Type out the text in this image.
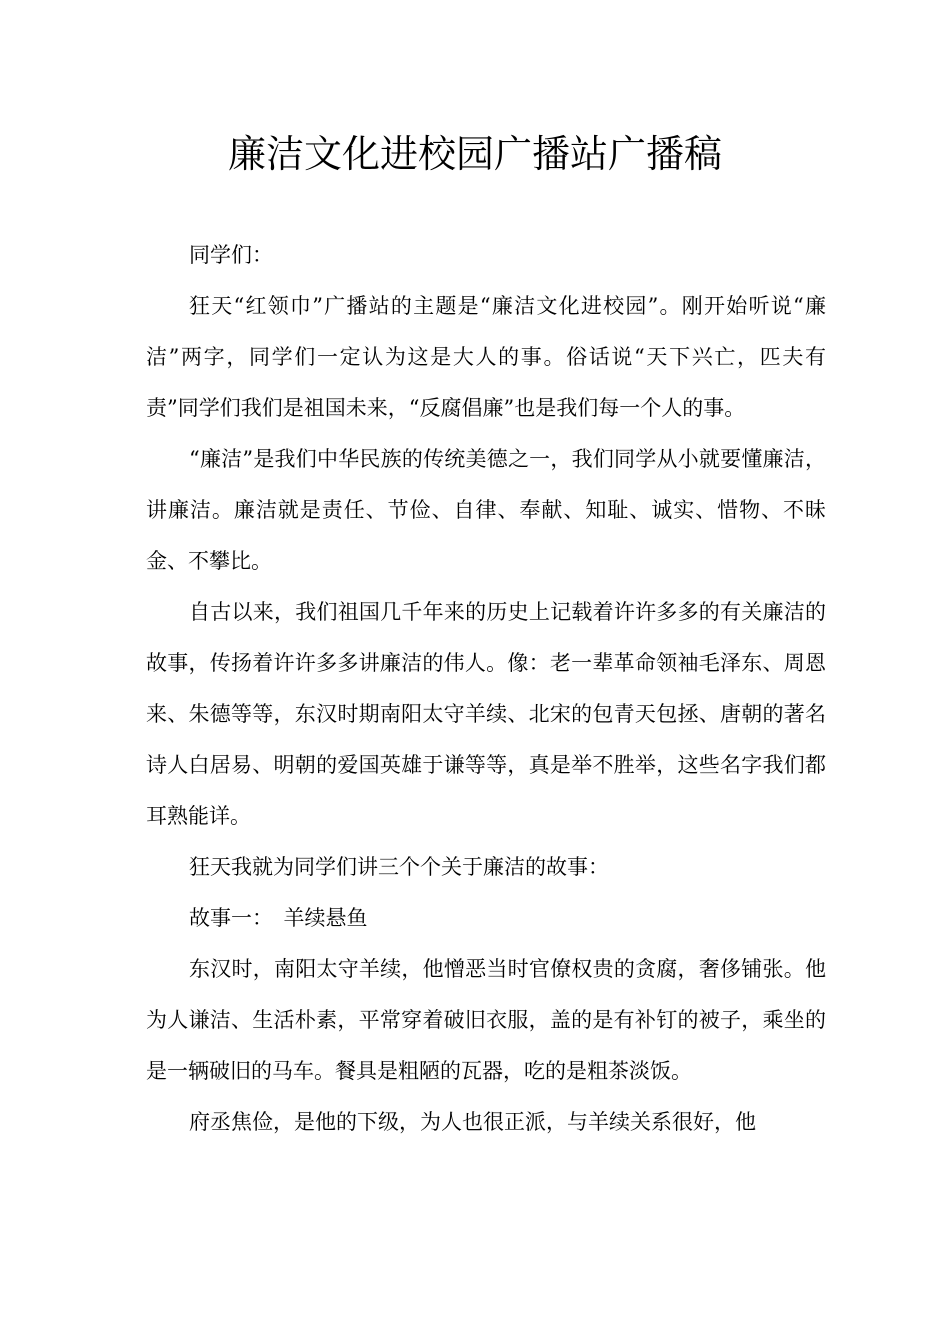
廉洁文化进校园广播站广播稿

同学们：

狂天“红领巾”广播站的主题是“廉洁文化进校园”。刚开始听说“廉洁”两字，同学们一定认为这是大人的事。俗话说“天下兴亡，匹夫有责”同学们我们是祖国未来，“反腐倡廉”也是我们每一个人的事。

“廉洁”是我们中华民族的传统美德之一，我们同学从小就要懂廉洁，讲廉洁。廉洁就是责任、节俭、自律、奉献、知耻、诚实、惜物、不昧金、不攀比。

自古以来，我们祖国几千年来的历史上记载着许许多多的有关廉洁的故事，传扬着许许多多讲廉洁的伟人。像：老一辈革命领袖毛泽东、周恩来、朱德等等，东汉时期南阳太守羊续、北宋的包青天包拯、唐朝的著名诗人白居易、明朝的爱国英雄于谦等等，真是举不胜举，这些名字我们都耳熟能详。

狂天我就为同学们讲三个个关于廉洁的故事：

故事一：　羊续悬鱼

东汉时，南阳太守羊续，他憎恶当时官僚权贵的贪腐，奢侈铺张。他为人谦洁、生活朴素，平常穿着破旧衣服，盖的是有补钉的被子，乘坐的是一辆破旧的马车。餐具是粗陋的瓦器，吃的是粗茶淡饭。

府丞焦俭，是他的下级，为人也很正派，与羊续关系很好，他
